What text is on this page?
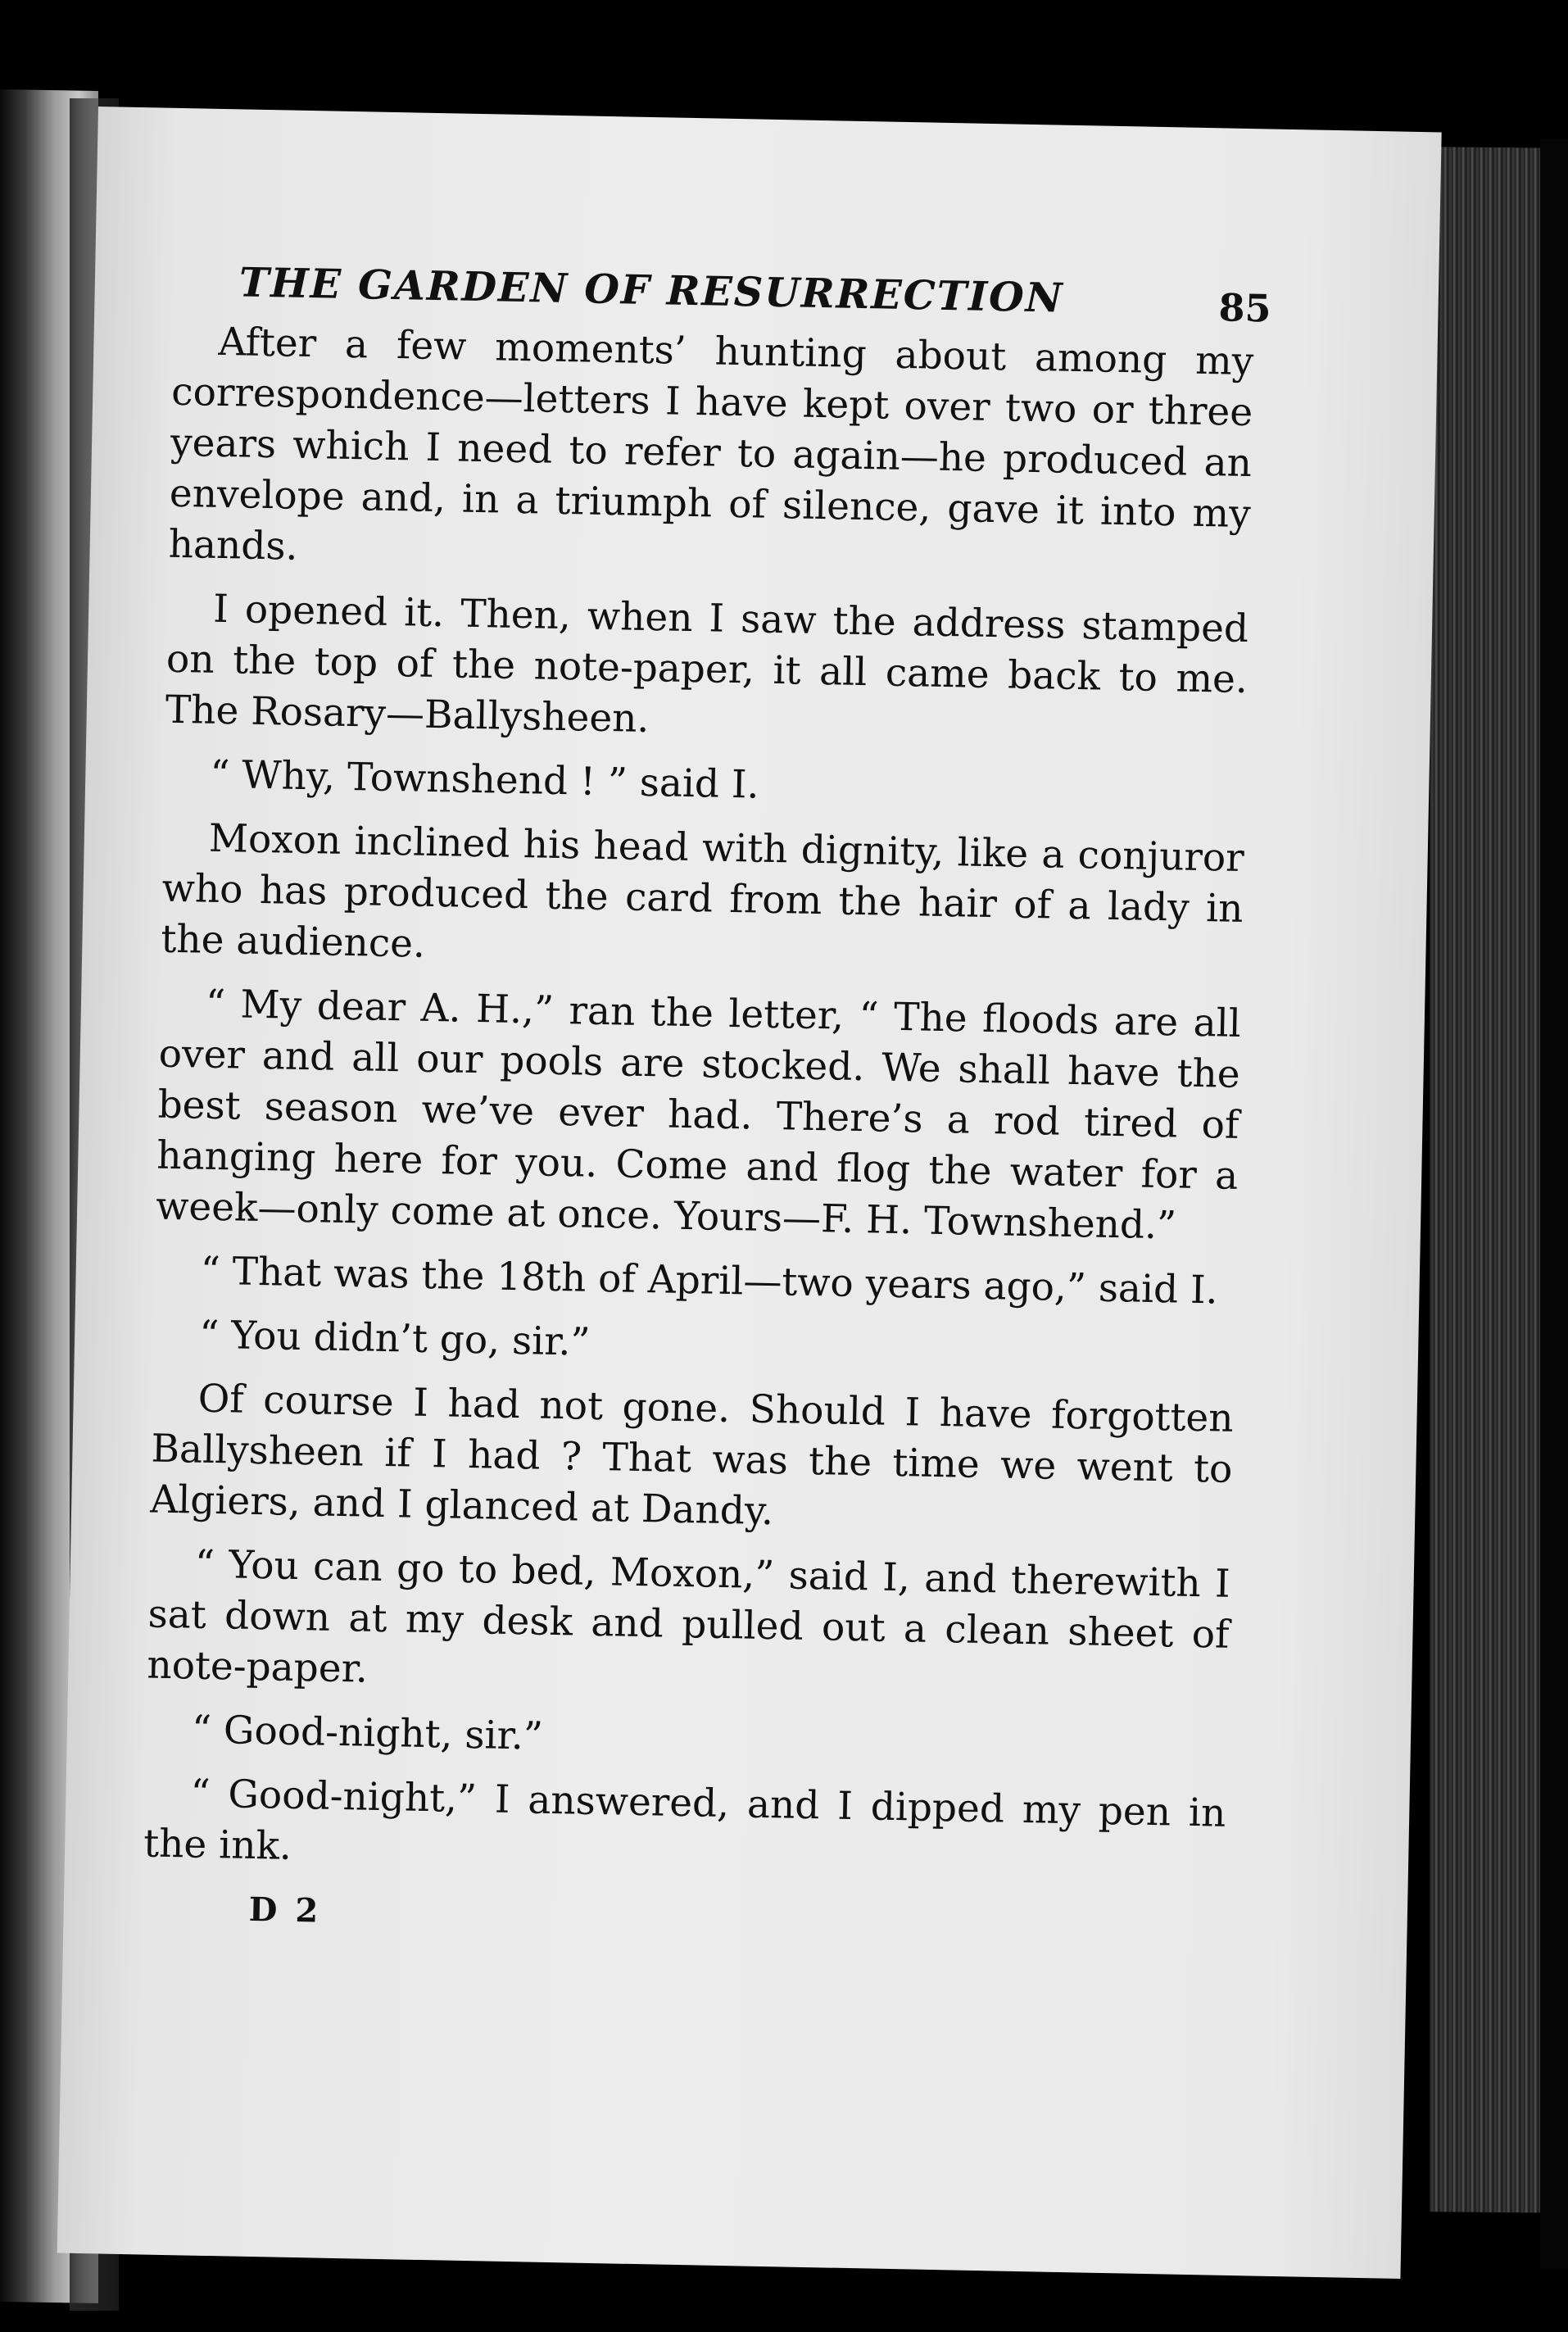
THE GARDEN OF RESURRECTION	85

After a few moments’ hunting about among my correspondence—letters I have kept over two or three years which I need to refer to again—he produced an envelope and, in a triumph of silence, gave it into my hands.

I opened it. Then, when I saw the address stamped on the top of the note-paper, it all came back to me. The Rosary—Ballysheen.

“ Why, Townshend ! ” said I.

Moxon inclined his head with dignity, like a conjuror who has produced the card from the hair of a lady in the audience.

“ My dear A. H.,” ran the letter, “ The floods are all over and all our pools are stocked. We shall have the best season we’ve ever had. There’s a rod tired of hanging here for you. Come and flog the water for a week—only come at once. Yours—F. H. Townshend.”

“ That was the 18th of April—two years ago,” said I.

“ You didn’t go, sir.”

Of course I had not gone. Should I have forgotten Ballysheen if I had ? That was the time we went to Algiers, and I glanced at Dandy.

“ You can go to bed, Moxon,” said I, and therewith I sat down at my desk and pulled out a clean sheet of note-paper.

“ Good-night, sir.”

“ Good-night,” I answered, and I dipped my pen in the ink.

D 2
